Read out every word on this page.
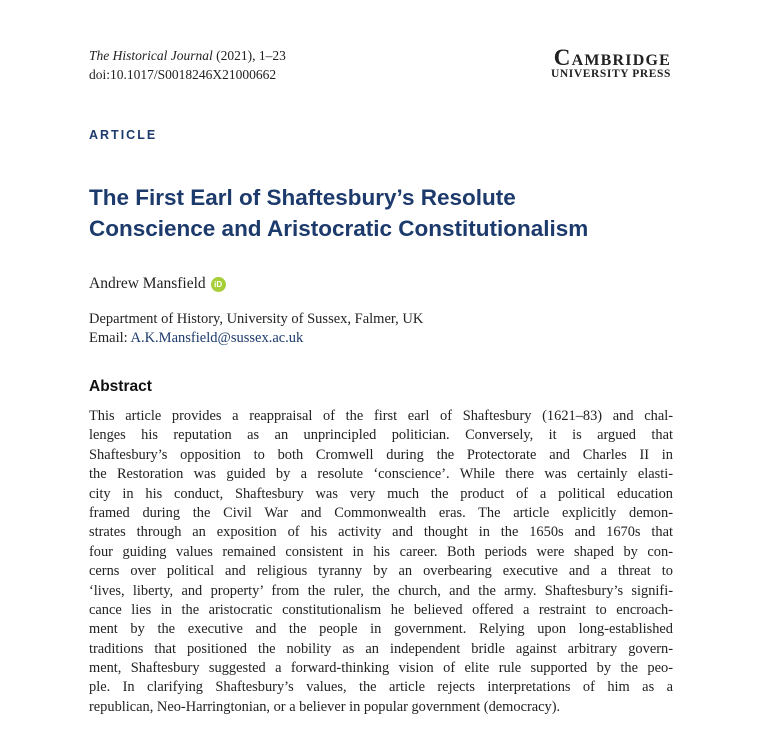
The Historical Journal (2021), 1–23
doi:10.1017/S0018246X21000662
Cambridge
UNIVERSITY PRESS
ARTICLE
The First Earl of Shaftesbury’s Resolute
Conscience and Aristocratic Constitutionalism
Andrew Mansfield	iD
Department of History, University of Sussex, Falmer, UK
Email: A.K.Mansfield@sussex.ac.uk
Abstract
This article provides a reappraisal of the first earl of Shaftesbury (1621–83) and chal-
lenges his reputation as an unprincipled politician. Conversely, it is argued that
Shaftesbury’s opposition to both Cromwell during the Protectorate and Charles II in
the Restoration was guided by a resolute ‘conscience’. While there was certainly elasti-
city in his conduct, Shaftesbury was very much the product of a political education
framed during the Civil War and Commonwealth eras. The article explicitly demon-
strates through an exposition of his activity and thought in the 1650s and 1670s that
four guiding values remained consistent in his career. Both periods were shaped by con-
cerns over political and religious tyranny by an overbearing executive and a threat to
‘lives, liberty, and property’ from the ruler, the church, and the army. Shaftesbury’s signifi-
cance lies in the aristocratic constitutionalism he believed offered a restraint to encroach-
ment by the executive and the people in government. Relying upon long-established
traditions that positioned the nobility as an independent bridle against arbitrary govern-
ment, Shaftesbury suggested a forward-thinking vision of elite rule supported by the peo-
ple. In clarifying Shaftesbury’s values, the article rejects interpretations of him as a
republican, Neo-Harringtonian, or a believer in popular government (democracy).
